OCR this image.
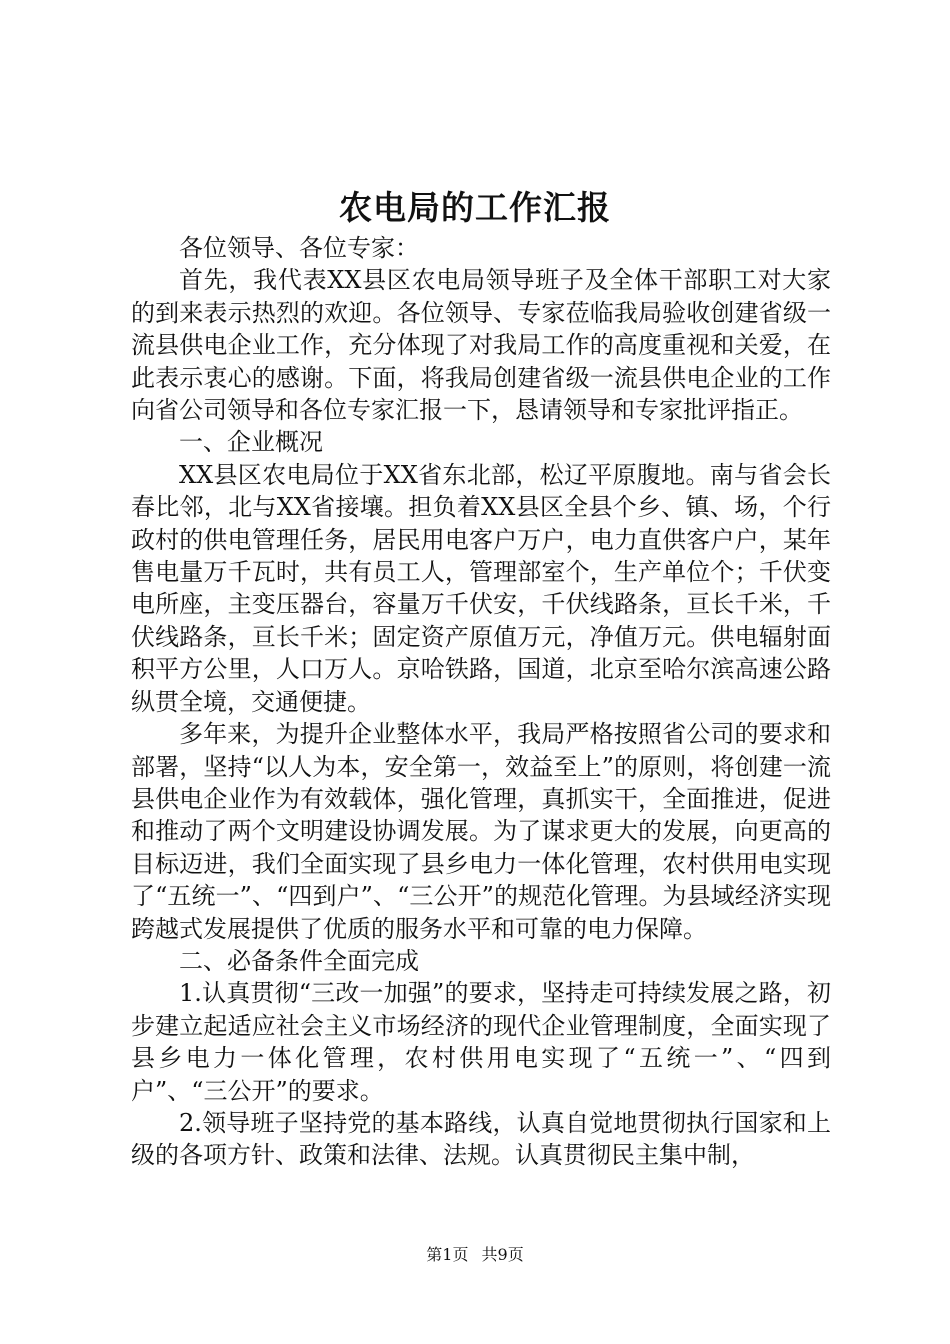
农电局的工作汇报

各位领导、各位专家：

首先，我代表XX县区农电局领导班子及全体干部职工对大家的到来表示热烈的欢迎。各位领导、专家莅临我局验收创建省级一流县供电企业工作，充分体现了对我局工作的高度重视和关爱，在此表示衷心的感谢。下面，将我局创建省级一流县供电企业的工作向省公司领导和各位专家汇报一下，恳请领导和专家批评指正。

一、企业概况

XX县区农电局位于XX省东北部，松辽平原腹地。南与省会长春比邻，北与XX省接壤。担负着XX县区全县个乡、镇、场，个行政村的供电管理任务，居民用电客户万户，电力直供客户户，某年售电量万千瓦时，共有员工人，管理部室个，生产单位个；千伏变电所座，主变压器台，容量万千伏安，千伏线路条，亘长千米，千伏线路条，亘长千米；固定资产原值万元，净值万元。供电辐射面积平方公里，人口万人。京哈铁路，国道，北京至哈尔滨高速公路纵贯全境，交通便捷。

多年来，为提升企业整体水平，我局严格按照省公司的要求和部署，坚持“以人为本，安全第一，效益至上”的原则，将创建一流县供电企业作为有效载体，强化管理，真抓实干，全面推进，促进和推动了两个文明建设协调发展。为了谋求更大的发展，向更高的目标迈进，我们全面实现了县乡电力一体化管理，农村供用电实现了“五统一”、“四到户”、“三公开”的规范化管理。为县域经济实现跨越式发展提供了优质的服务水平和可靠的电力保障。

二、必备条件全面完成

1.认真贯彻“三改一加强”的要求，坚持走可持续发展之路，初步建立起适应社会主义市场经济的现代企业管理制度，全面实现了县乡电力一体化管理，农村供用电实现了“五统一”、“四到户”、“三公开”的要求。

2.领导班子坚持党的基本路线，认真自觉地贯彻执行国家和上级的各项方针、政策和法律、法规。认真贯彻民主集中制，

第1页 共9页
